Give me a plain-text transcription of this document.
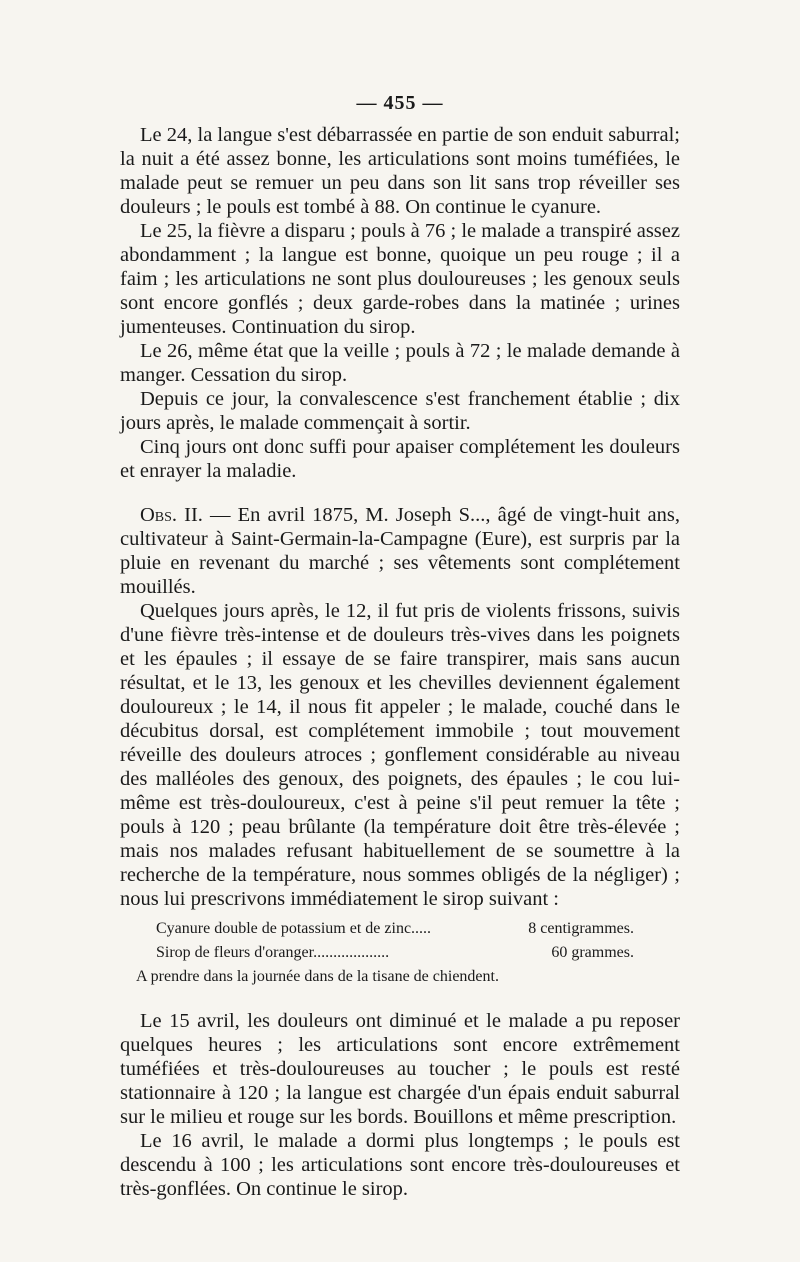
— 455 —

Le 24, la langue s'est débarrassée en partie de son enduit saburral; la nuit a été assez bonne, les articulations sont moins tuméfiées, le malade peut se remuer un peu dans son lit sans trop réveiller ses douleurs ; le pouls est tombé à 88. On continue le cyanure.

Le 25, la fièvre a disparu ; pouls à 76 ; le malade a transpiré assez abondamment ; la langue est bonne, quoique un peu rouge ; il a faim ; les articulations ne sont plus douloureuses ; les genoux seuls sont encore gonflés ; deux garde-robes dans la matinée ; urines jumenteuses. Continuation du sirop.

Le 26, même état que la veille ; pouls à 72 ; le malade demande à manger. Cessation du sirop.

Depuis ce jour, la convalescence s'est franchement établie ; dix jours après, le malade commençait à sortir.

Cinq jours ont donc suffi pour apaiser complétement les douleurs et enrayer la maladie.

Obs. II. — En avril 1875, M. Joseph S..., âgé de vingt-huit ans, cultivateur à Saint-Germain-la-Campagne (Eure), est surpris par la pluie en revenant du marché ; ses vêtements sont complétement mouillés.

Quelques jours après, le 12, il fut pris de violents frissons, suivis d'une fièvre très-intense et de douleurs très-vives dans les poignets et les épaules ; il essaye de se faire transpirer, mais sans aucun résultat, et le 13, les genoux et les chevilles deviennent également douloureux ; le 14, il nous fit appeler ; le malade, couché dans le décubitus dorsal, est complétement immobile ; tout mouvement réveille des douleurs atroces ; gonflement considérable au niveau des malléoles des genoux, des poignets, des épaules ; le cou lui-même est très-douloureux, c'est à peine s'il peut remuer la tête ; pouls à 120 ; peau brûlante (la température doit être très-élevée ; mais nos malades refusant habituellement de se soumettre à la recherche de la température, nous sommes obligés de la négliger) ; nous lui prescrivons immédiatement le sirop suivant :

Cyanure double de potassium et de zinc.....	8 centigrammes.
Sirop de fleurs d'oranger...................	60 grammes.
A prendre dans la journée dans de la tisane de chiendent.

Le 15 avril, les douleurs ont diminué et le malade a pu reposer quelques heures ; les articulations sont encore extrêmement tuméfiées et très-douloureuses au toucher ; le pouls est resté stationnaire à 120 ; la langue est chargée d'un épais enduit saburral sur le milieu et rouge sur les bords. Bouillons et même prescription.

Le 16 avril, le malade a dormi plus longtemps ; le pouls est descendu à 100 ; les articulations sont encore très-douloureuses et très-gonflées. On continue le sirop.
